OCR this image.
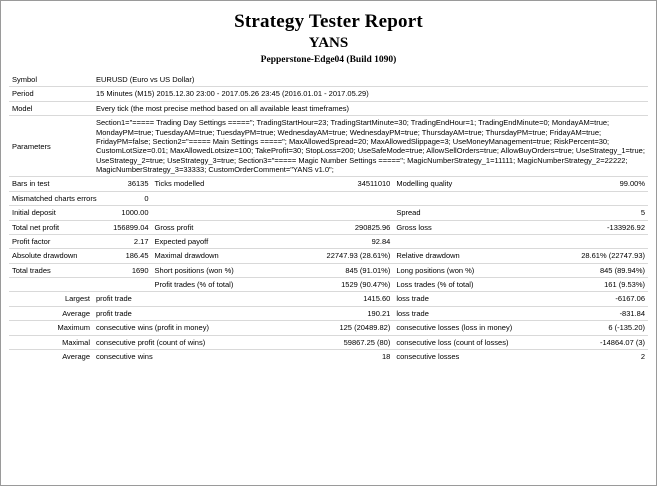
Strategy Tester Report
YANS
Pepperstone-Edge04 (Build 1090)
Symbol	EURUSD (Euro vs US Dollar)				
Period	15 Minutes (M15) 2015.12.30 23:00 - 2017.05.26 23:45 (2016.01.01 - 2017.05.29)				
Model	Every tick (the most precise method based on all available least timeframes)				
Parameters	Section1="===== Trading Day Settings ====="; TradingStartHour=23; TradingStartMinute=30; TradingEndHour=1; TradingEndMinute=0; MondayAM=true; MondayPM=true; TuesdayAM=true; TuesdayPM=true; WednesdayAM=true; WednesdayPM=true; ThursdayAM=true; ThursdayPM=true; FridayAM=true; FridayPM=false; Section2="===== Main Settings ====="; MaxAllowedSpread=20; MaxAllowedSlippage=3; UseMoneyManagement=true; RiskPercent=30; CustomLotSize=0.01; MaxAllowedLotsize=100; TakeProfit=30; StopLoss=200; UseSafeMode=true; AllowSellOrders=true; AllowBuyOrders=true; UseStrategy_1=true; UseStrategy_2=true; UseStrategy_3=true; Section3="===== Magic Number Settings ====="; MagicNumberStrategy_1=11111; MagicNumberStrategy_2=22222; MagicNumberStrategy_3=33333; CustomOrderComment="YANS v1.0";				
Bars in test	36135	Ticks modelled	34511010	Modelling quality	99.00%
Mismatched charts errors	0				
Initial deposit	1000.00			Spread	5
Total net profit	156899.04	Gross profit	290825.96	Gross loss	-133926.92
Profit factor	2.17	Expected payoff	92.84		
Absolute drawdown	186.45	Maximal drawdown	22747.93 (28.61%)	Relative drawdown	28.61% (22747.93)
Total trades	1690	Short positions (won %)	845 (91.01%)	Long positions (won %)	845 (89.94%)
		Profit trades (% of total)	1529 (90.47%)	Loss trades (% of total)	161 (9.53%)
Largest	profit trade		1415.60	loss trade	-6167.06
Average	profit trade		190.21	loss trade	-831.84
Maximum	consecutive wins (profit in money)		125 (20489.82)	consecutive losses (loss in money)	6 (-135.20)
Maximal	consecutive profit (count of wins)		59867.25 (80)	consecutive loss (count of losses)	-14864.07 (3)
Average	consecutive wins		18	consecutive losses	2
